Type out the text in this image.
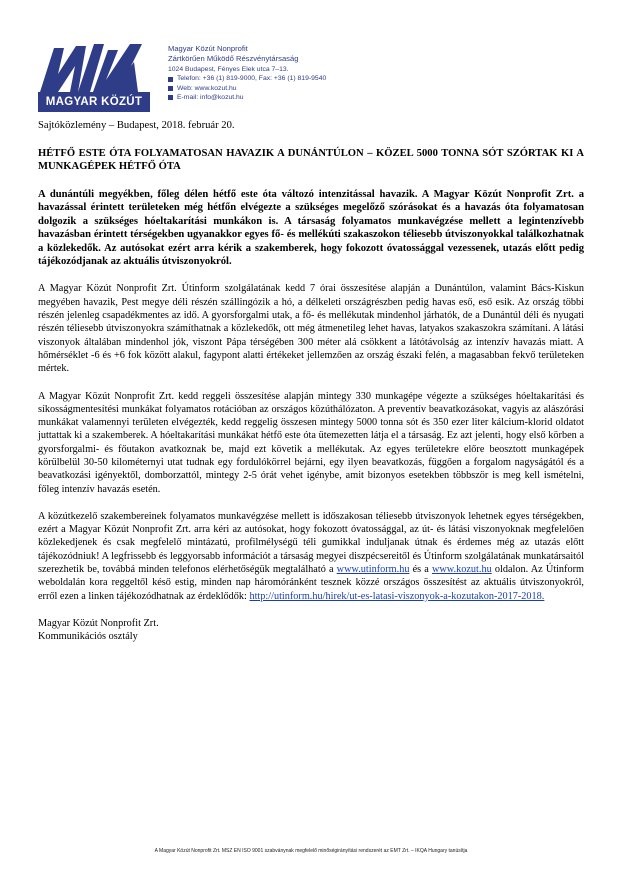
MAGYAR KÖZÚT
Magyar Közút Nonprofit
Zártkörűen Működő Részvénytársaság
1024 Budapest, Fényes Elek utca 7–13.
Telefon: +36 (1) 819-9000, Fax: +36 (1) 819-9540
Web: www.kozut.hu
E-mail: info@kozut.hu

Sajtóközlemény – Budapest, 2018. február 20.

HÉTFŐ ESTE ÓTA FOLYAMATOSAN HAVAZIK A DUNÁNTÚLON – KÖZEL 5000 TONNA SÓT SZÓRTAK KI A MUNKAGÉPEK HÉTFŐ ÓTA

A dunántúli megyékben, főleg délen hétfő este óta változó intenzitással havazik. A Magyar Közút Nonprofit Zrt. a havazással érintett területeken még hétfőn elvégezte a szükséges megelőző szórásokat és a havazás óta folyamatosan dolgozik a szükséges hóeltakarítási munkákon is. A társaság folyamatos munkavégzése mellett a legintenzívebb havazásban érintett térségekben ugyanakkor egyes fő- és mellékúti szakaszokon téliesebb útviszonyokkal találkozhatnak a közlekedők. Az autósokat ezért arra kérik a szakemberek, hogy fokozott óvatossággal vezessenek, utazás előtt pedig tájékozódjanak az aktuális útviszonyokról.

A Magyar Közút Nonprofit Zrt. Útinform szolgálatának kedd 7 órai összesítése alapján a Dunántúlon, valamint Bács-Kiskun megyében havazik, Pest megye déli részén szállingózik a hó, a délkeleti országrészben pedig havas eső, eső esik. Az ország többi részén jelenleg csapadékmentes az idő. A gyorsforgalmi utak, a fő- és mellékutak mindenhol járhatók, de a Dunántúl déli és nyugati részén téliesebb útviszonyokra számíthatnak a közlekedők, ott még átmenetileg lehet havas, latyakos szakaszokra számítani. A látási viszonyok általában mindenhol jók, viszont Pápa térségében 300 méter alá csökkent a látótávolság az intenzív havazás miatt. A hőmérséklet -6 és +6 fok között alakul, fagypont alatti értékeket jellemzően az ország északi felén, a magasabban fekvő területeken mértek.

A Magyar Közút Nonprofit Zrt. kedd reggeli összesítése alapján mintegy 330 munkagépe végezte a szükséges hóeltakarítási és síkosságmentesítési munkákat folyamatos rotációban az országos közúthálózaton. A preventív beavatkozásokat, vagyis az alászórási munkákat valamennyi területen elvégezték, kedd reggelig összesen mintegy 5000 tonna sót és 350 ezer liter kálcium-klorid oldatot juttattak ki a szakemberek. A hóeltakarítási munkákat hétfő este óta ütemezetten látja el a társaság. Ez azt jelenti, hogy első körben a gyorsforgalmi- és főutakon avatkoznak be, majd ezt követik a mellékutak. Az egyes területekre előre beosztott munkagépek körülbelül 30-50 kilométernyi utat tudnak egy fordulókörrel bejárni, egy ilyen beavatkozás, függően a forgalom nagyságától és a beavatkozási igényektől, domborzattól, mintegy 2-5 órát vehet igénybe, amit bizonyos esetekben többször is meg kell ismételni, főleg intenzív havazás esetén.

A közútkezelő szakembereinek folyamatos munkavégzése mellett is időszakosan téliesebb útviszonyok lehetnek egyes térségekben, ezért a Magyar Közút Nonprofit Zrt. arra kéri az autósokat, hogy fokozott óvatossággal, az út- és látási viszonyoknak megfelelően közlekedjenek és csak megfelelő mintázatú, profilmélységű téli gumikkal induljanak útnak és érdemes még az utazás előtt tájékozódniuk! A legfrissebb és leggyorsabb információt a társaság megyei diszpécsereitől és Útinform szolgálatának munkatársaitól szerezhetik be, továbbá minden telefonos elérhetőségük megtalálható a www.utinform.hu és a www.kozut.hu oldalon. Az Útinform weboldalán kora reggeltől késő estig, minden nap háromóránként tesznek közzé országos összesítést az aktuális útviszonyokról, erről ezen a linken tájékozódhatnak az érdeklődők: http://utinform.hu/hirek/ut-es-latasi-viszonyok-a-kozutakon-2017-2018.

Magyar Közút Nonprofit Zrt.

Kommunikációs osztály

A Magyar Közút Nonprofit Zrt. MSZ EN ISO 9001 szabványnak megfelelő minőségirányítási rendszerét az EMT Zrt. – IKQA Hungary tanúsítja
